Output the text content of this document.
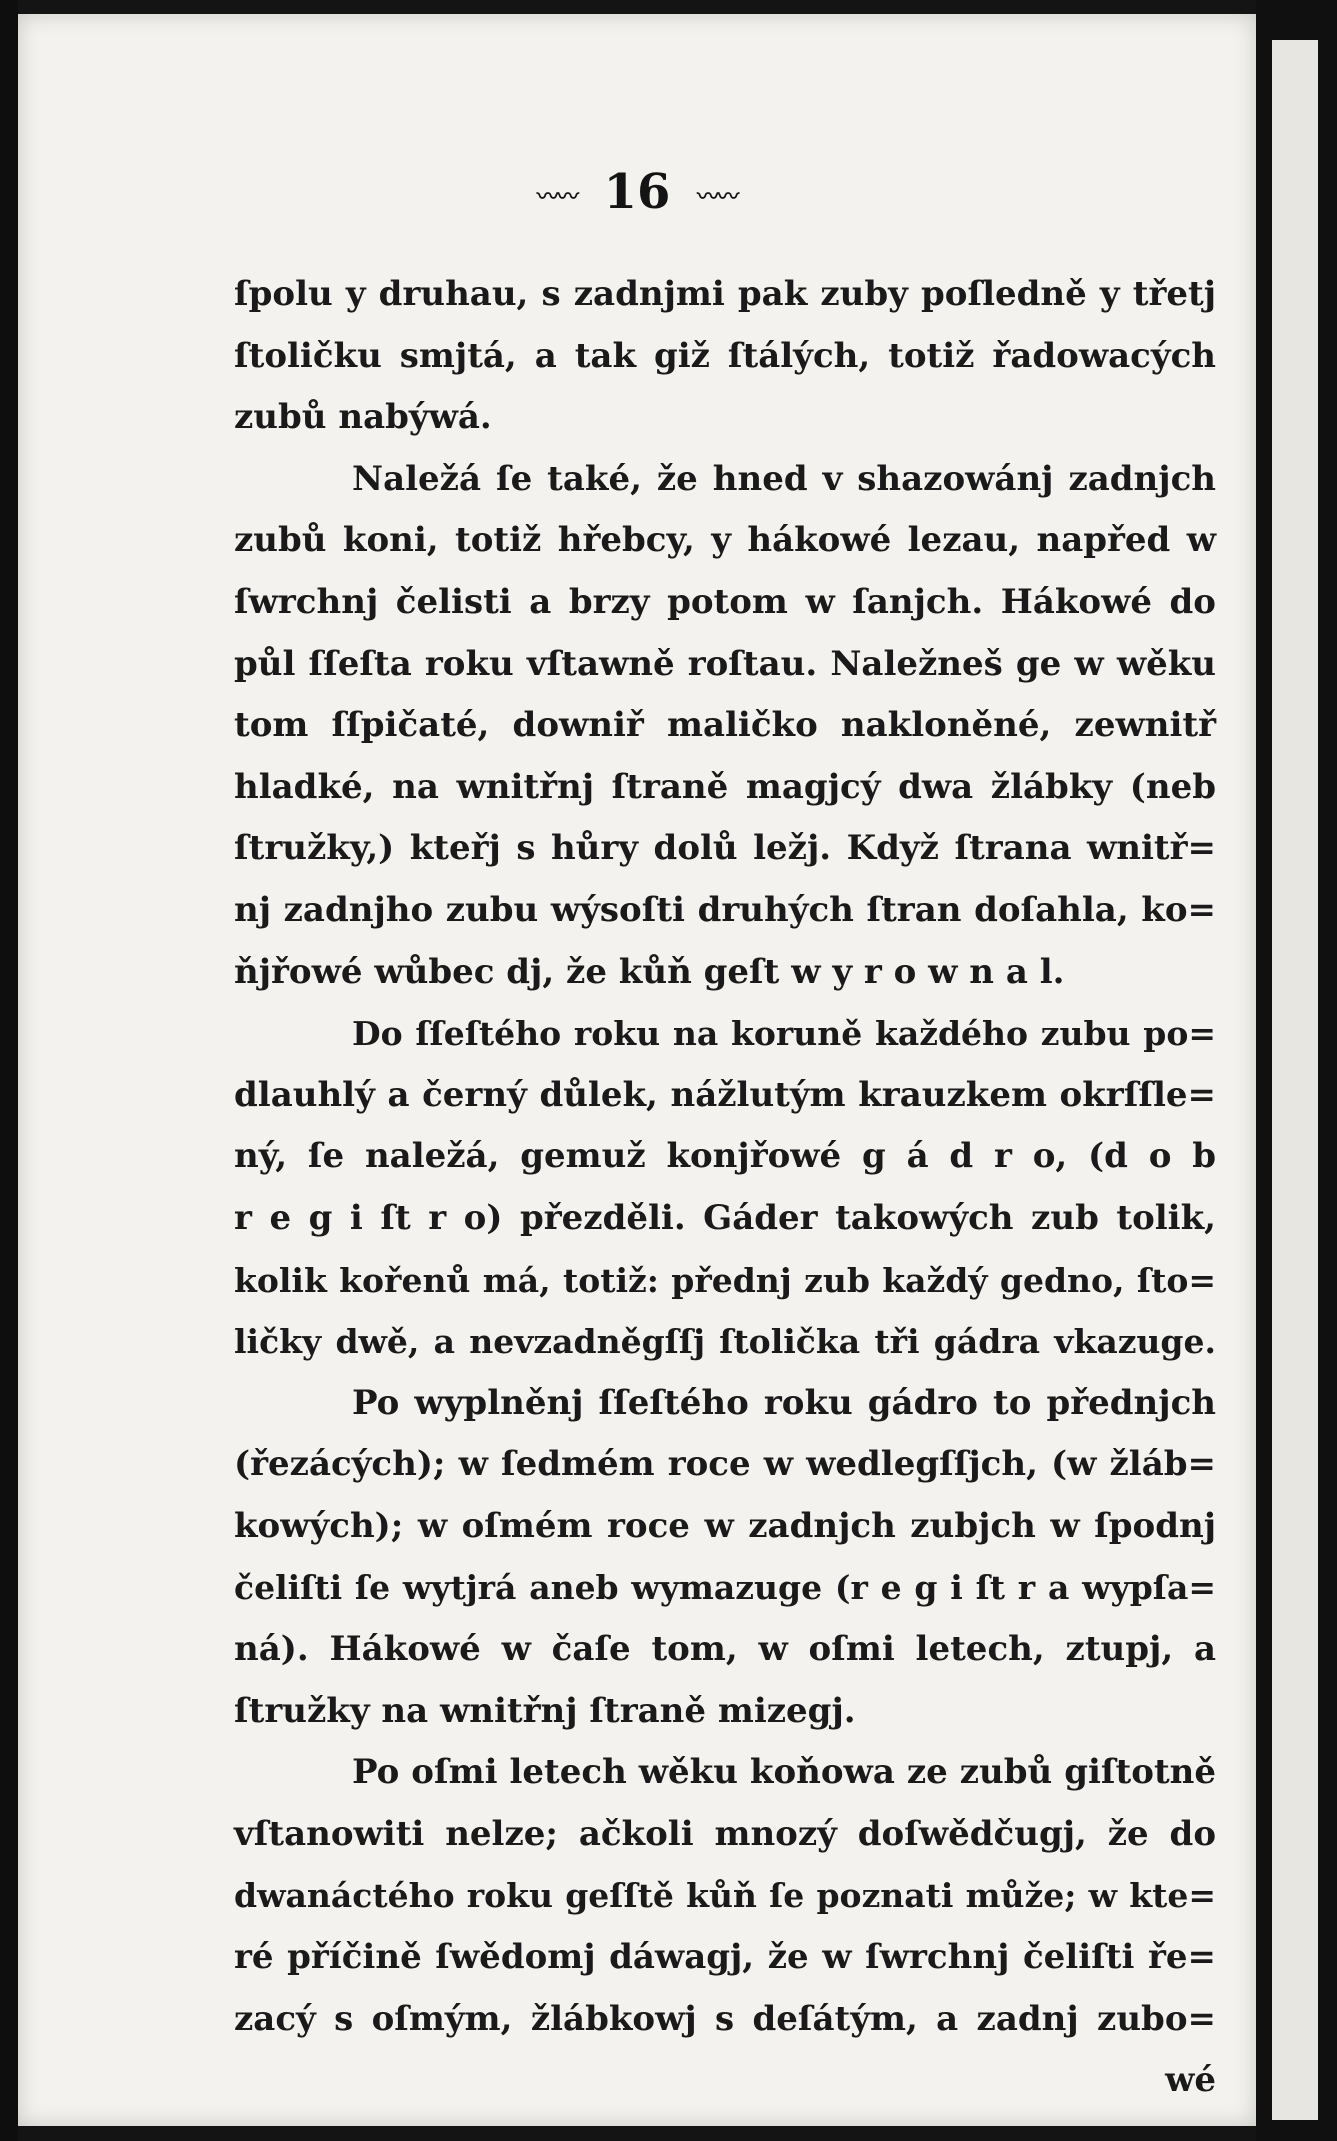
〰〰 16 〰〰
ſpolu y druhau, s zadnjmi pak zuby poſledně y třetj
ſtoličku smjtá, a tak giž ſtálých, totiž řadowacých
zubů nabýwá.
Naležá ſe také, že hned v shazowánj zadnjch
zubů koni, totiž hřebcy, y hákowé lezau, napřed w
ſwrchnj čelisti a brzy potom w ſanjch. Hákowé do
půl ſſeſta roku vſtawně roſtau. Naležneš ge w wěku
tom ſſpičaté, downiř maličko nakloněné, zewnitř
hladké, na wnitřnj ſtraně magjcý dwa žlábky (neb
ſtružky,) kteřj s hůry dolů ležj. Když ſtrana wnitř=
nj zadnjho zubu wýsoſti druhých ſtran doſahla, ko=
ňjřowé wůbec dj, že kůň geſt w y r o w n a l.
Do ſſeſtého roku na koruně každého zubu po=
dlauhlý a černý důlek, nážlutým krauzkem okrſſle=
ný, ſe naležá, gemuž konjřowé g á d r o, (d o b
r e g i ſt r o) přezděli. Gáder takowých zub tolik,
kolik kořenů má, totiž: přednj zub každý gedno, ſto=
ličky dwě, a nevzadněgſſj ſtolička tři gádra vkazuge.
Po wyplněnj ſſeſtého roku gádro to přednjch
(řezácých); w ſedmém roce w wedlegſſjch, (w žláb=
kowých); w oſmém roce w zadnjch zubjch w ſpodnj
čeliſti ſe wytjrá aneb wymazuge (r e g i ſt r a wypſa=
ná). Hákowé w čaſe tom, w oſmi letech, ztupj, a
ſtružky na wnitřnj ſtraně mizegj.
Po oſmi letech wěku koňowa ze zubů giſtotně
vſtanowiti nelze; ačkoli mnozý doſwědčugj, že do
dwanáctého roku geſſtě kůň ſe poznati může; w kte=
ré příčině ſwědomj dáwagj, že w ſwrchnj čeliſti ře=
zacý s oſmým, žlábkowj s deſátým, a zadnj zubo=
wé
